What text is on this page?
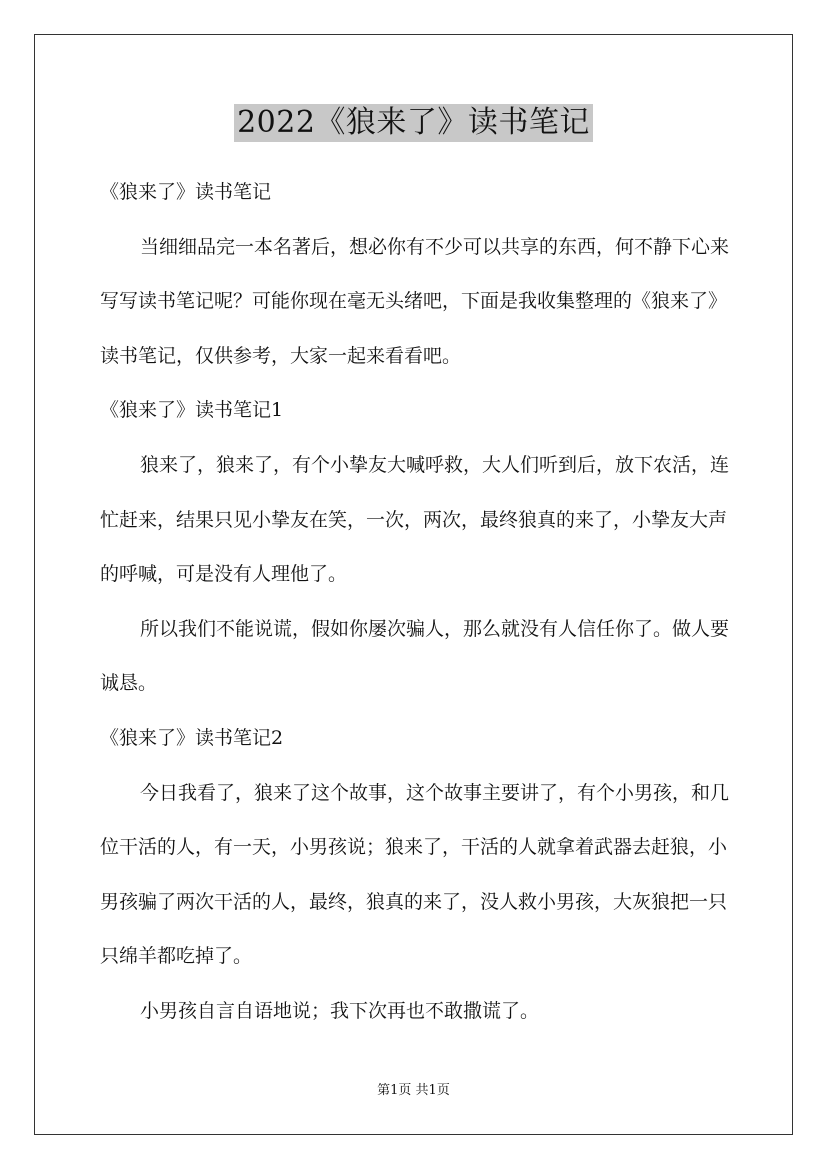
2022《狼来了》读书笔记

《狼来了》读书笔记

当细细品完一本名著后，想必你有不少可以共享的东西，何不静下心来写写读书笔记呢？可能你现在毫无头绪吧，下面是我收集整理的《狼来了》读书笔记，仅供参考，大家一起来看看吧。

《狼来了》读书笔记1

狼来了，狼来了，有个小挚友大喊呼救，大人们听到后，放下农活，连忙赶来，结果只见小挚友在笑，一次，两次，最终狼真的来了，小挚友大声的呼喊，可是没有人理他了。

所以我们不能说谎，假如你屡次骗人，那么就没有人信任你了。做人要诚恳。

《狼来了》读书笔记2

今日我看了，狼来了这个故事，这个故事主要讲了，有个小男孩，和几位干活的人，有一天，小男孩说；狼来了，干活的人就拿着武器去赶狼，小男孩骗了两次干活的人，最终，狼真的来了，没人救小男孩，大灰狼把一只只绵羊都吃掉了。

小男孩自言自语地说；我下次再也不敢撒谎了。

第1页 共1页
